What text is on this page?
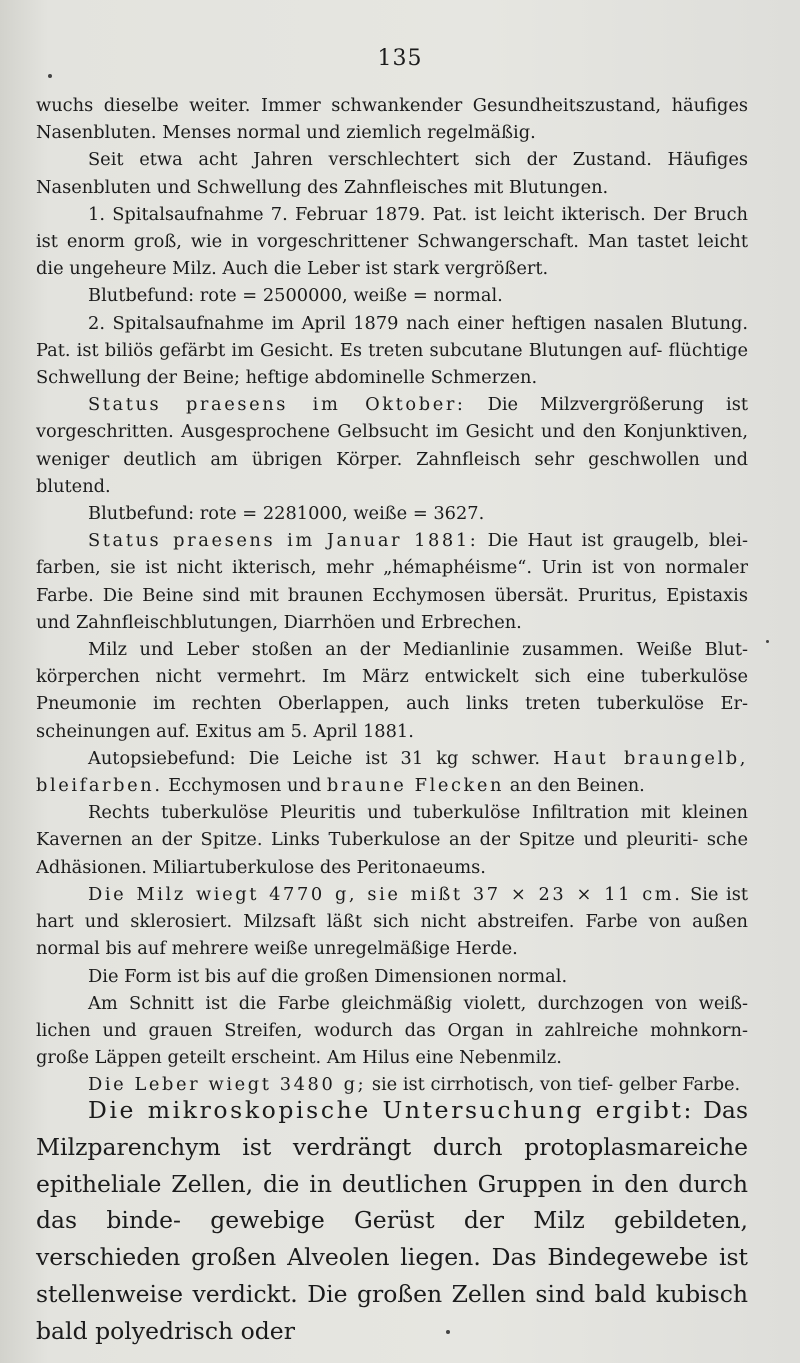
135

wuchs dieselbe weiter. Immer schwankender Gesundheitszustand, häufiges Nasenbluten. Menses normal und ziemlich regelmäßig.

Seit etwa acht Jahren verschlechtert sich der Zustand. Häufiges Nasenbluten und Schwellung des Zahnfleisches mit Blutungen.

1. Spitalsaufnahme 7. Februar 1879. Pat. ist leicht ikterisch. Der Bruch ist enorm groß, wie in vorgeschrittener Schwangerschaft. Man tastet leicht die ungeheure Milz. Auch die Leber ist stark vergrößert.

Blutbefund: rote = 2500000, weiße = normal.

2. Spitalsaufnahme im April 1879 nach einer heftigen nasalen Blutung. Pat. ist biliös gefärbt im Gesicht. Es treten subcutane Blutungen auf- flüchtige Schwellung der Beine; heftige abdominelle Schmerzen.

Status praesens im Oktober: Die Milzvergrößerung ist vorgeschritten. Ausgesprochene Gelbsucht im Gesicht und den Konjunktiven, weniger deutlich am übrigen Körper. Zahnfleisch sehr geschwollen und blutend.

Blutbefund: rote = 2281000, weiße = 3627.

Status praesens im Januar 1881: Die Haut ist graugelb, blei- farben, sie ist nicht ikterisch, mehr „hémaphéisme“. Urin ist von normaler Farbe. Die Beine sind mit braunen Ecchymosen übersät. Pruritus, Epistaxis und Zahnfleischblutungen, Diarrhöen und Erbrechen.

Milz und Leber stoßen an der Medianlinie zusammen. Weiße Blut- körperchen nicht vermehrt. Im März entwickelt sich eine tuberkulöse Pneumonie im rechten Oberlappen, auch links treten tuberkulöse Er- scheinungen auf. Exitus am 5. April 1881.

Autopsiebefund: Die Leiche ist 31 kg schwer. Haut braungelb, bleifarben. Ecchymosen und braune Flecken an den Beinen.

Rechts tuberkulöse Pleuritis und tuberkulöse Infiltration mit kleinen Kavernen an der Spitze. Links Tuberkulose an der Spitze und pleuriti- sche Adhäsionen. Miliartuberkulose des Peritonaeums.

Die Milz wiegt 4770 g, sie mißt 37 × 23 × 11 cm. Sie ist hart und sklerosiert. Milzsaft läßt sich nicht abstreifen. Farbe von außen normal bis auf mehrere weiße unregelmäßige Herde.

Die Form ist bis auf die großen Dimensionen normal.

Am Schnitt ist die Farbe gleichmäßig violett, durchzogen von weiß- lichen und grauen Streifen, wodurch das Organ in zahlreiche mohnkorn- große Läppen geteilt erscheint. Am Hilus eine Nebenmilz.

Die Leber wiegt 3480 g; sie ist cirrhotisch, von tief- gelber Farbe.

Die mikroskopische Untersuchung ergibt: Das Milzparenchym ist verdrängt durch protoplasmareiche epitheliale Zellen, die in deutlichen Gruppen in den durch das binde- gewebige Gerüst der Milz gebildeten, verschieden großen Alveolen liegen. Das Bindegewebe ist stellenweise verdickt. Die großen Zellen sind bald kubisch bald polyedrisch oder
